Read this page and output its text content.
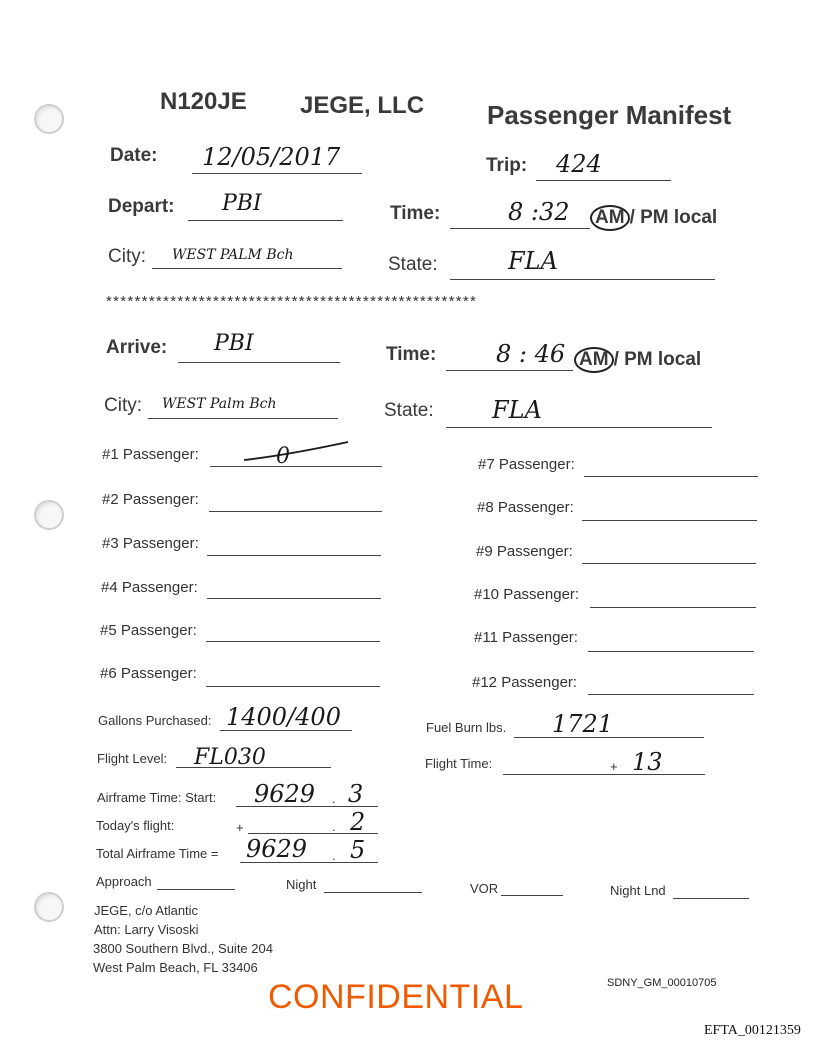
N120JE JEGE, LLC Passenger Manifest
Date: 12/05/2017	Trip: 424
Depart: PBI	Time:	8 :32 AM / PM local
City: WEST PALM Bch	State:	FLA
****************************************************
Arrive: PBI	Time: 8 : 46 AM / PM local
City: WEST Palm Bch	State: FLA
#1 Passenger:	0
#2 Passenger:
#3 Passenger:
#4 Passenger:
#5 Passenger:
#6 Passenger:
#7 Passenger:
#8 Passenger:
#9 Passenger:
#10 Passenger:
#11 Passenger:
#12 Passenger:
Gallons Purchased: 1400/400	Fuel Burn lbs. 1721
Flight Level: FL030	Flight Time:	+ 13
Airframe Time: Start: 9629 . 3
Today's flight:	+	. 2
Total Airframe Time = 9629 . 5
Approach	Night	VOR	Night Lnd
JEGE, c/o Atlantic
Attn: Larry Visoski
3800 Southern Blvd., Suite 204
West Palm Beach, FL 33406
CONFIDENTIAL	SDNY_GM_00010705
EFTA_00121359
